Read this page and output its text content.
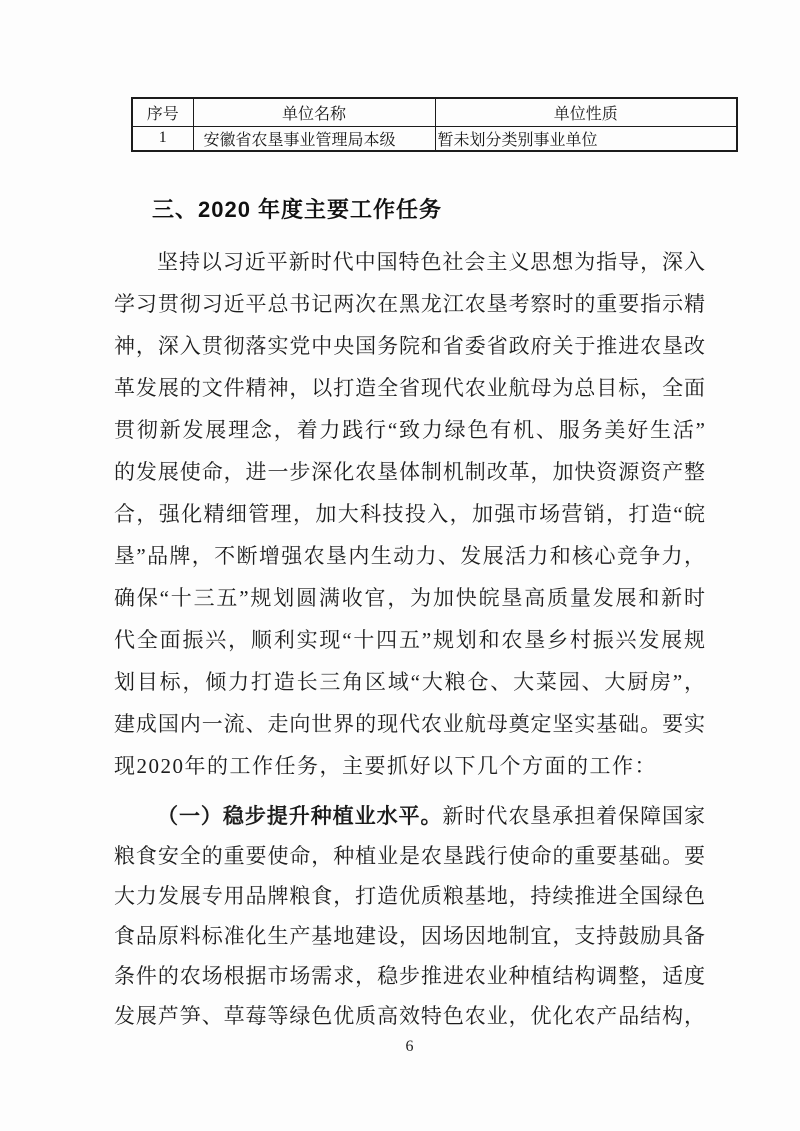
序号	单位名称	单位性质
1	安徽省农垦事业管理局本级	暂未划分类别事业单位
三、2020 年度主要工作任务
坚持以习近平新时代中国特色社会主义思想为指导，深入
学习贯彻习近平总书记两次在黑龙江农垦考察时的重要指示精
神，深入贯彻落实党中央国务院和省委省政府关于推进农垦改
革发展的文件精神，以打造全省现代农业航母为总目标，全面
贯彻新发展理念，着力践行“致力绿色有机、服务美好生活”
的发展使命，进一步深化农垦体制机制改革，加快资源资产整
合，强化精细管理，加大科技投入，加强市场营销，打造“皖
垦”品牌，不断增强农垦内生动力、发展活力和核心竞争力，
确保“十三五”规划圆满收官，为加快皖垦高质量发展和新时
代全面振兴，顺利实现“十四五”规划和农垦乡村振兴发展规
划目标，倾力打造长三角区域“大粮仓、大菜园、大厨房”，
建成国内一流、走向世界的现代农业航母奠定坚实基础。要实
现2020年的工作任务，主要抓好以下几个方面的工作：
（一）稳步提升种植业水平。新时代农垦承担着保障国家
粮食安全的重要使命，种植业是农垦践行使命的重要基础。要
大力发展专用品牌粮食，打造优质粮基地，持续推进全国绿色
食品原料标准化生产基地建设，因场因地制宜，支持鼓励具备
条件的农场根据市场需求，稳步推进农业种植结构调整，适度
发展芦笋、草莓等绿色优质高效特色农业，优化农产品结构，
6
